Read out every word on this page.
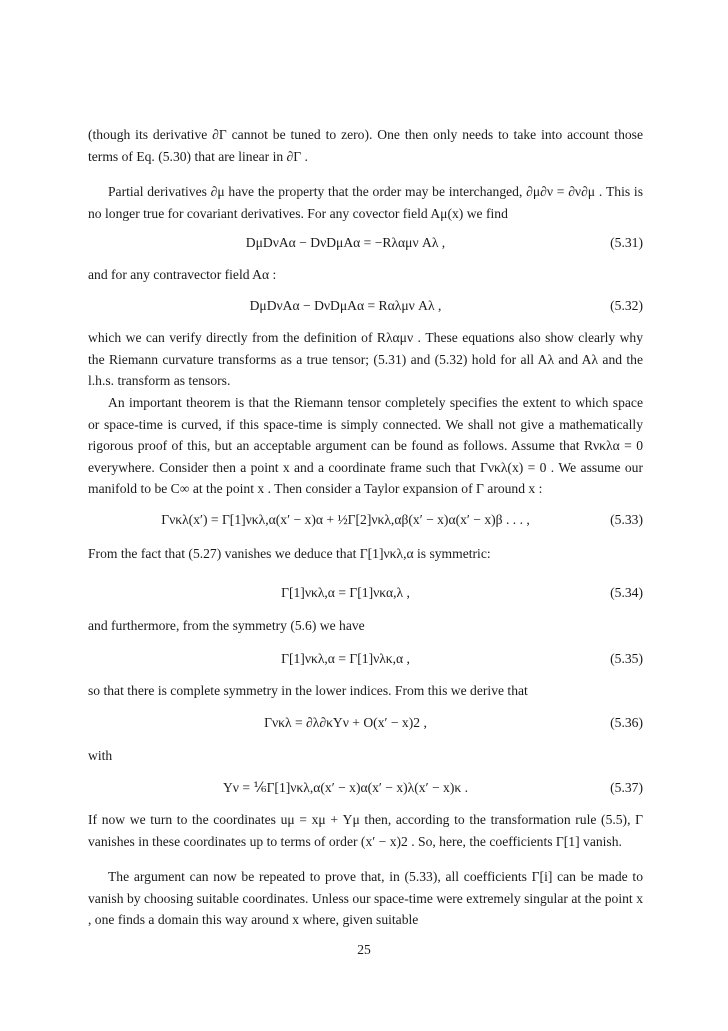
(though its derivative ∂Γ cannot be tuned to zero). One then only needs to take into account those terms of Eq. (5.30) that are linear in ∂Γ .

Partial derivatives ∂μ have the property that the order may be interchanged, ∂μ∂ν = ∂ν∂μ . This is no longer true for covariant derivatives. For any covector field Aμ(x) we find

DμDνAα − DνDμAα = −Rλαμν Aλ ,	(5.31)

and for any contravector field Aα :

DμDνAα − DνDμAα = Rαλμν Aλ ,	(5.32)

which we can verify directly from the definition of Rλαμν . These equations also show clearly why the Riemann curvature transforms as a true tensor; (5.31) and (5.32) hold for all Aλ and Aλ and the l.h.s. transform as tensors.

An important theorem is that the Riemann tensor completely specifies the extent to which space or space-time is curved, if this space-time is simply connected. We shall not give a mathematically rigorous proof of this, but an acceptable argument can be found as follows. Assume that Rνκλα = 0 everywhere. Consider then a point x and a coordinate frame such that Γνκλ(x) = 0 . We assume our manifold to be C∞ at the point x . Then consider a Taylor expansion of Γ around x :

Γνκλ(x′) = Γ[1]νκλ,α(x′ − x)α + ½Γ[2]νκλ,αβ(x′ − x)α(x′ − x)β . . . ,	(5.33)

From the fact that (5.27) vanishes we deduce that Γ[1]νκλ,α is symmetric:

Γ[1]νκλ,α = Γ[1]νκα,λ ,	(5.34)

and furthermore, from the symmetry (5.6) we have

Γ[1]νκλ,α = Γ[1]νλκ,α ,	(5.35)

so that there is complete symmetry in the lower indices. From this we derive that

Γνκλ = ∂λ∂κYν + O(x′ − x)2 ,	(5.36)

with

Yν = ⅙Γ[1]νκλ,α(x′ − x)α(x′ − x)λ(x′ − x)κ .	(5.37)

If now we turn to the coordinates uμ = xμ + Yμ then, according to the transformation rule (5.5), Γ vanishes in these coordinates up to terms of order (x′ − x)2 . So, here, the coefficients Γ[1] vanish.

The argument can now be repeated to prove that, in (5.33), all coefficients Γ[i] can be made to vanish by choosing suitable coordinates. Unless our space-time were extremely singular at the point x , one finds a domain this way around x where, given suitable

25
